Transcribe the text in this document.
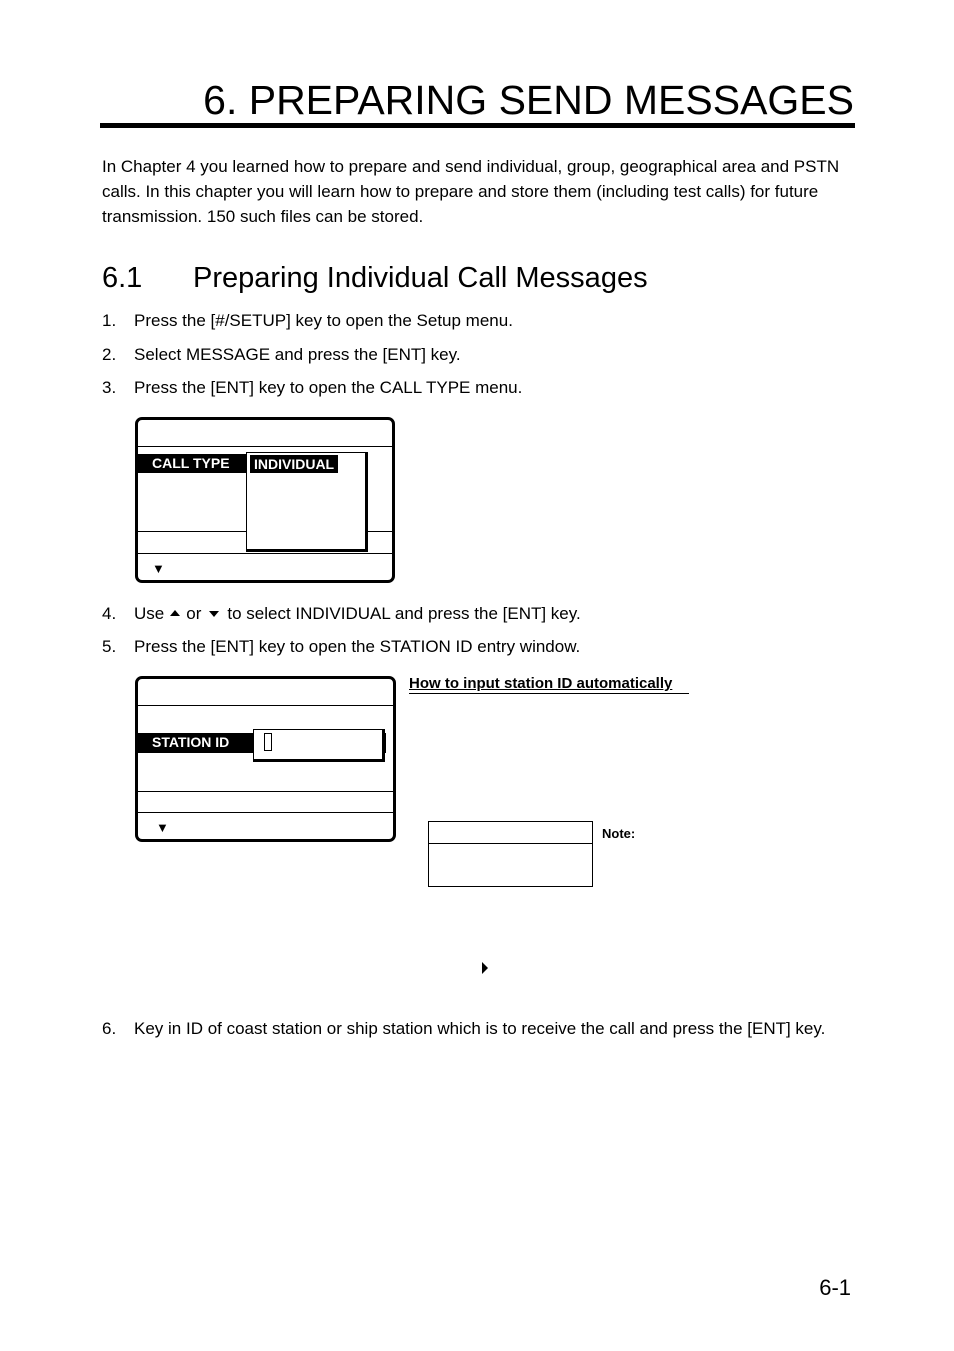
6. PREPARING SEND MESSAGES
In Chapter 4 you learned how to prepare and send individual, group, geographical area and PSTN calls. In this chapter you will learn how to prepare and store them (including test calls) for future transmission. 150 such files can be stored.
6.1 Preparing Individual Call Messages
1. Press the [#/SETUP] key to open the Setup menu.
2. Select MESSAGE and press the [ENT] key.
3. Press the [ENT] key to open the CALL TYPE menu.
CALL TYPE	INDIVIDUAL
▼
4. Use or to select INDIVIDUAL and press the [ENT] key.
5. Press the [ENT] key to open the STATION ID entry window.
STATION ID
▼
How to input station ID automatically
Note:
6. Key in ID of coast station or ship station which is to receive the call and press the [ENT] key.
6-1
